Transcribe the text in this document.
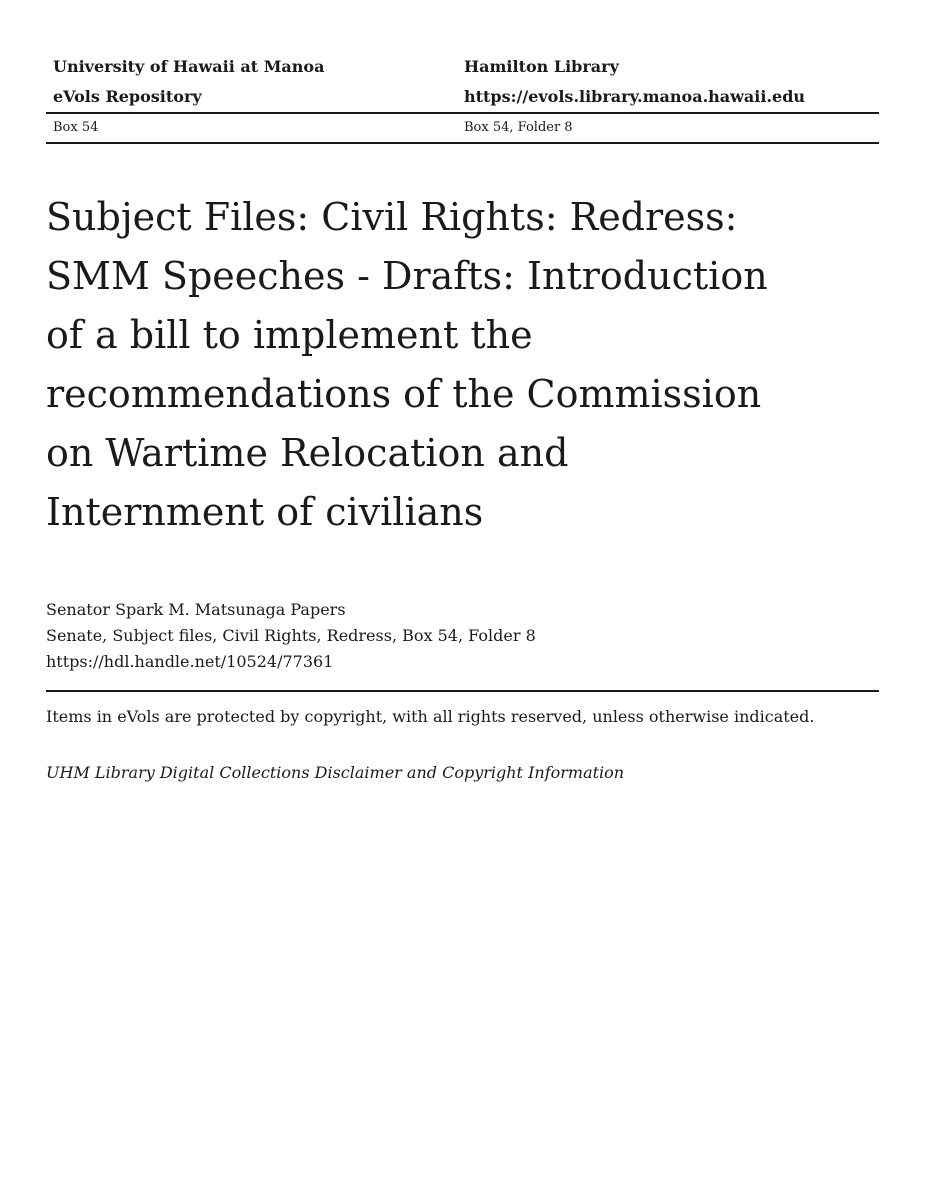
University of Hawaii at Manoa	Hamilton Library
eVols Repository	https://evols.library.manoa.hawaii.edu
Box 54	Box 54, Folder 8
Subject Files: Civil Rights: Redress: SMM Speeches - Drafts: Introduction of a bill to implement the recommendations of the Commission on Wartime Relocation and Internment of civilians
Senator Spark M. Matsunaga Papers
Senate, Subject files, Civil Rights, Redress, Box 54, Folder 8
https://hdl.handle.net/10524/77361
Items in eVols are protected by copyright, with all rights reserved, unless otherwise indicated.
UHM Library Digital Collections Disclaimer and Copyright Information
